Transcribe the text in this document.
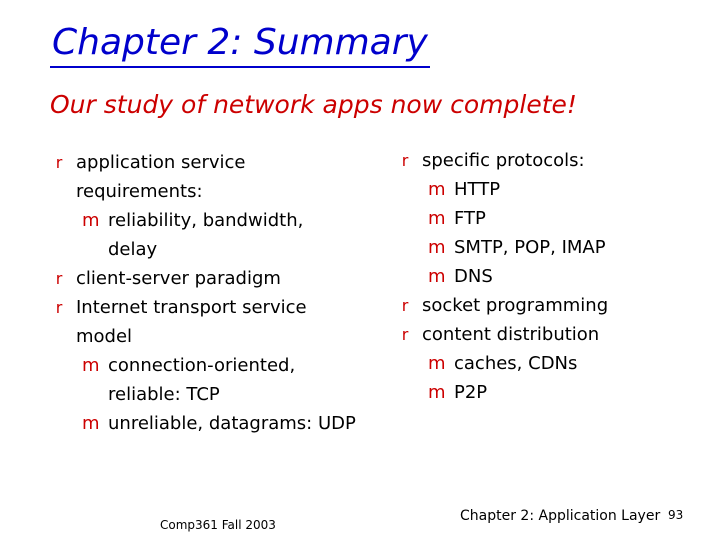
Chapter 2: Summary
Our study of network apps now complete!
r application service
requirements:
m reliability, bandwidth,
delay
r client-server paradigm
r Internet transport service
model
m connection-oriented,
reliable: TCP
m unreliable, datagrams: UDP
r specific protocols:
m HTTP
m FTP
m SMTP, POP, IMAP
m DNS
r socket programming
r content distribution
m caches, CDNs
m P2P
Comp361 Fall 2003
Chapter 2: Application Layer 93
